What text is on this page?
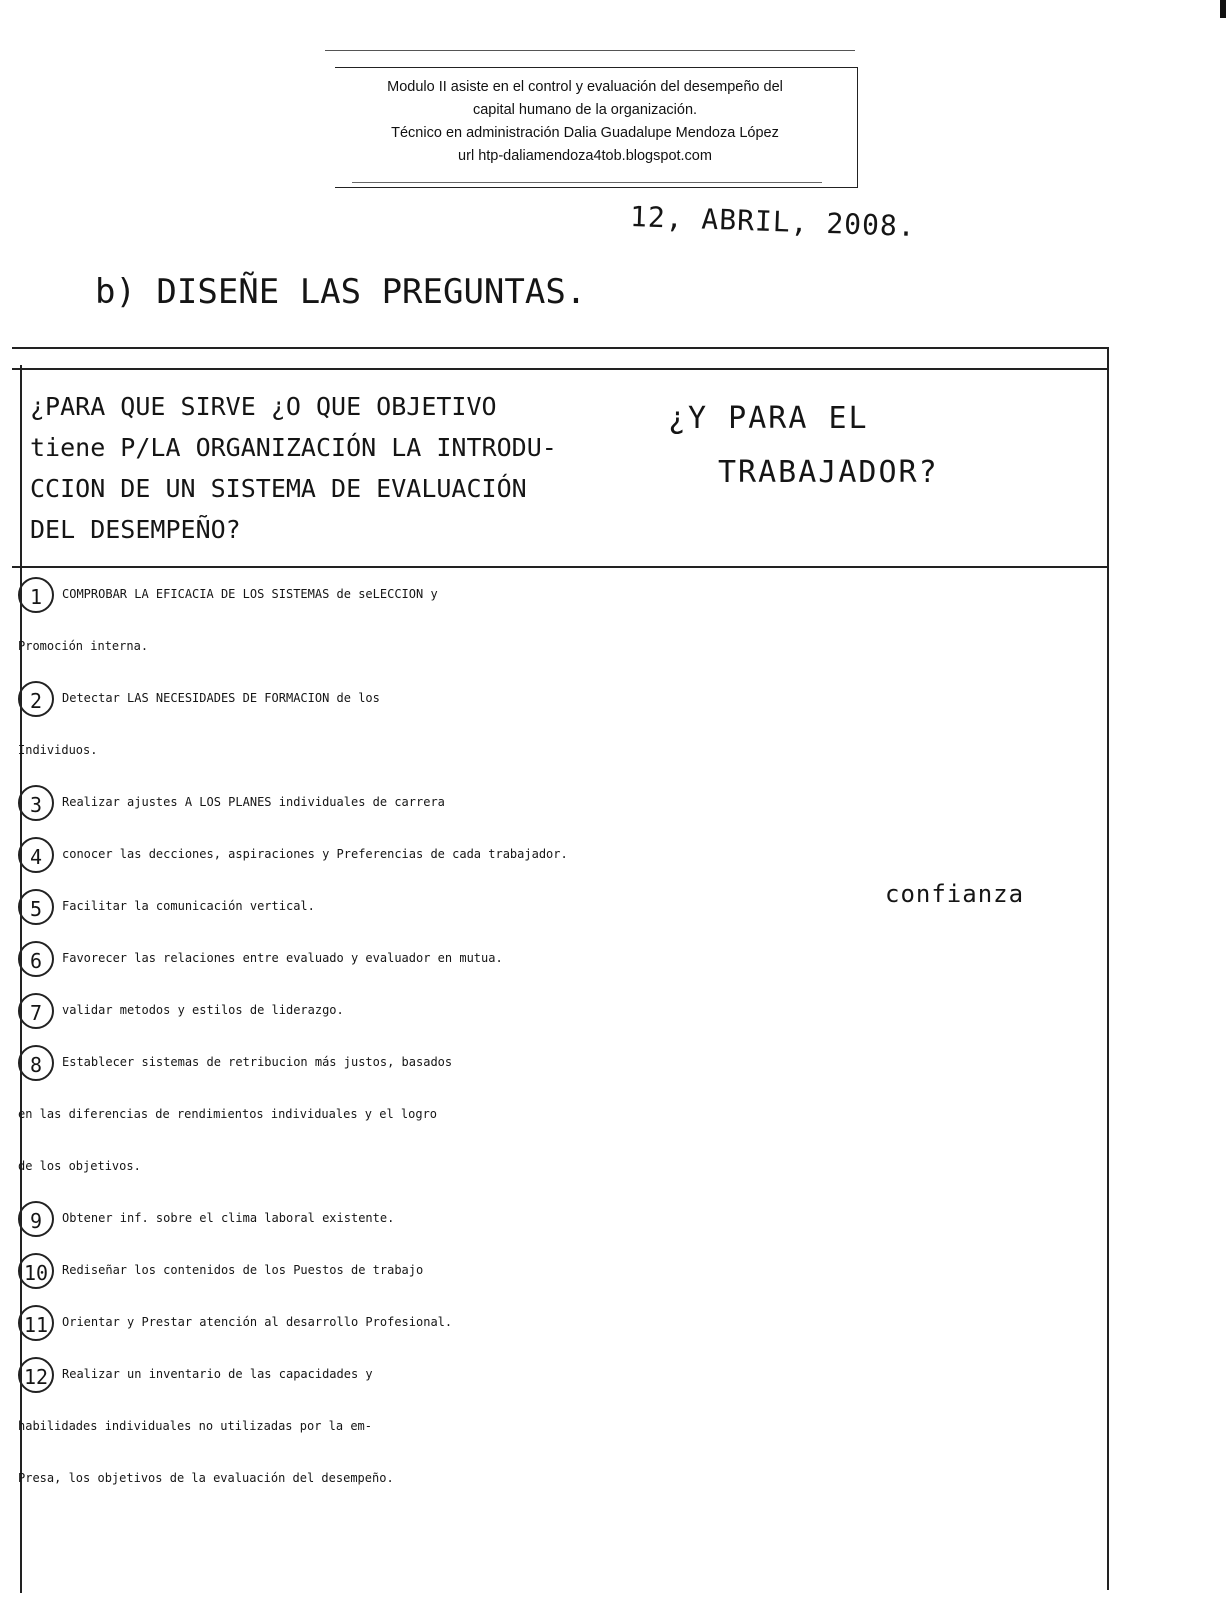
Modulo II asiste en el control y evaluación del desempeño del
capital humano de la organización.
Técnico en administración Dalia Guadalupe Mendoza López
url htp-daliamendoza4tob.blogspot.com
12, ABRIL, 2008.
b) DISEÑE LAS PREGUNTAS.
¿PARA QUE SIRVE ¿O QUE OBJETIVO
tiene P/LA ORGANIZACIÓN LA INTRODU-
CCION DE UN SISTEMA DE EVALUACIÓN
DEL DESEMPEÑO?
¿Y PARA EL
TRABAJADOR?
confianza
1 COMPROBAR LA EFICACIA DE LOS SISTEMAS de seLECCION y
Promoción interna.
2 Detectar LAS NECESIDADES DE FORMACION de los
Individuos.
3 Realizar ajustes A LOS PLANES individuales de carrera
4 conocer las decciones, aspiraciones y Preferencias de cada trabajador.
5 Facilitar la comunicación vertical.
6 Favorecer las relaciones entre evaluado y evaluador en mutua.
7 validar metodos y estilos de liderazgo.
8 Establecer sistemas de retribucion más justos, basados
en las diferencias de rendimientos individuales y el logro
de los objetivos.
9 Obtener inf. sobre el clima laboral existente.
10 Rediseñar los contenidos de los Puestos de trabajo
11 Orientar y Prestar atención al desarrollo Profesional.
12 Realizar un inventario de las capacidades y
habilidades individuales no utilizadas por la em-
Presa, los objetivos de la evaluación del desempeño.
